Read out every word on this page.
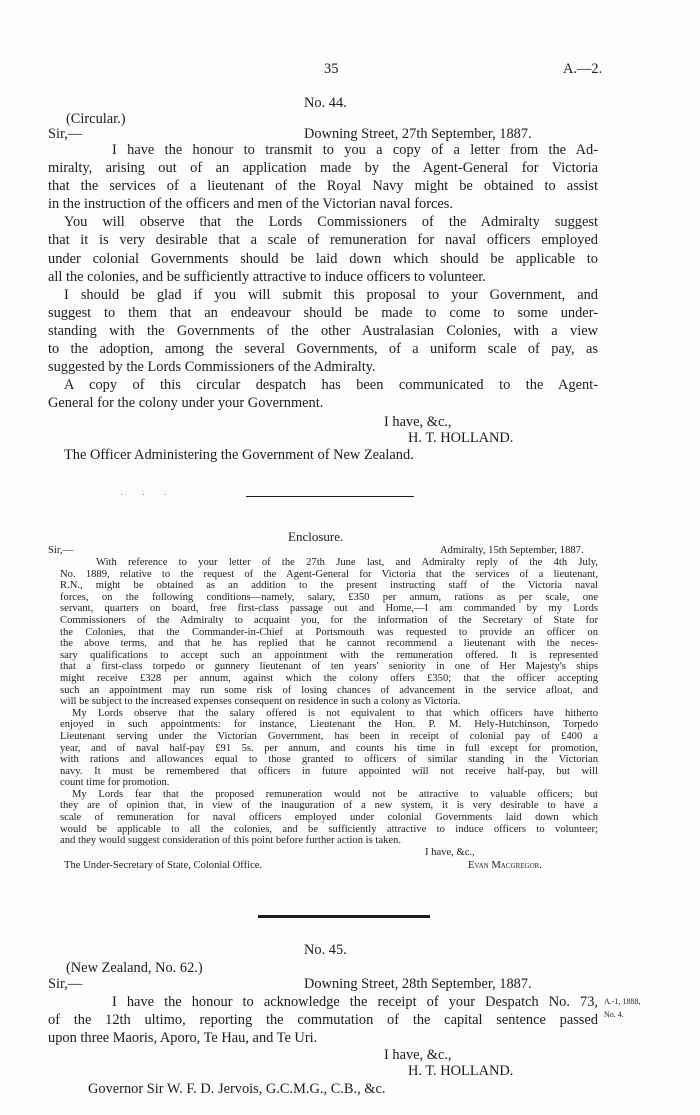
35	A.—2.
No. 44.
(Circular.)
Sir,—	Downing Street, 27th September, 1887.
I have the honour to transmit to you a copy of a letter from the Ad-
miralty, arising out of an application made by the Agent-General for Victoria
that the services of a lieutenant of the Royal Navy might be obtained to assist
in the instruction of the officers and men of the Victorian naval forces.
You will observe that the Lords Commissioners of the Admiralty suggest
that it is very desirable that a scale of remuneration for naval officers employed
under colonial Governments should be laid down which should be applicable to
all the colonies, and be sufficiently attractive to induce officers to volunteer.
I should be glad if you will submit this proposal to your Government, and
suggest to them that an endeavour should be made to come to some under-
standing with the Governments of the other Australasian Colonies, with a view
to the adoption, among the several Governments, of a uniform scale of pay, as
suggested by the Lords Commissioners of the Admiralty.
A copy of this circular despatch has been communicated to the Agent-
General for the colony under your Government.
I have, &c.,
H. T. HOLLAND.
The Officer Administering the Government of New Zealand.
· · ·
Enclosure.
Sir,—	Admiralty, 15th September, 1887.
With reference to your letter of the 27th June last, and Admiralty reply of the 4th July,
No. 1889, relative to the request of the Agent-General for Victoria that the services of a lieutenant,
R.N., might be obtained as an addition to the present instructing staff of the Victoria naval
forces, on the following conditions—namely, salary, £350 per annum, rations as per scale, one
servant, quarters on board, free first-class passage out and Home,—I am commanded by my Lords
Commissioners of the Admiralty to acquaint you, for the information of the Secretary of State for
the Colonies, that the Commander-in-Chief at Portsmouth was requested to provide an officer on
the above terms, and that he has replied that he cannot recommend a lieutenant with the neces-
sary qualifications to accept such an appointment with the remuneration offered. It is represented
that a first-class torpedo or gunnery lieutenant of ten years' seniority in one of Her Majesty's ships
might receive £328 per annum, against which the colony offers £350; that the officer accepting
such an appointment may run some risk of losing chances of advancement in the service afloat, and
will be subject to the increased expenses consequent on residence in such a colony as Victoria.
My Lords observe that the salary offered is not equivalent to that which officers have hitherto
enjoyed in such appointments: for instance, Lieutenant the Hon. P. M. Hely-Hutchinson, Torpedo
Lieutenant serving under the Victorian Government, has been in receipt of colonial pay of £400 a
year, and of naval half-pay £91 5s. per annum, and counts his time in full except for promotion,
with rations and allowances equal to those granted to officers of similar standing in the Victorian
navy. It must be remembered that officers in future appointed will not receive half-pay, but will
count time for promotion.
My Lords fear that the proposed remuneration would not be attractive to valuable officers; but
they are of opinion that, in view of the inauguration of a new system, it is very desirable to have a
scale of remuneration for naval officers employed under colonial Governments laid down which
would be applicable to all the colonies, and be sufficiently attractive to induce officers to volunteer;
and they would suggest consideration of this point before further action is taken.
I have, &c.,
The Under-Secretary of State, Colonial Office.	Evan Macgregor.
No. 45.
(New Zealand, No. 62.)
Sir,—	Downing Street, 28th September, 1887.
I have the honour to acknowledge the receipt of your Despatch No. 73,
of the 12th ultimo, reporting the commutation of the capital sentence passed
upon three Maoris, Aporo, Te Hau, and Te Uri.
A.-1, 1888,
No. 4.
I have, &c.,
H. T. HOLLAND.
Governor Sir W. F. D. Jervois, G.C.M.G., C.B., &c.
